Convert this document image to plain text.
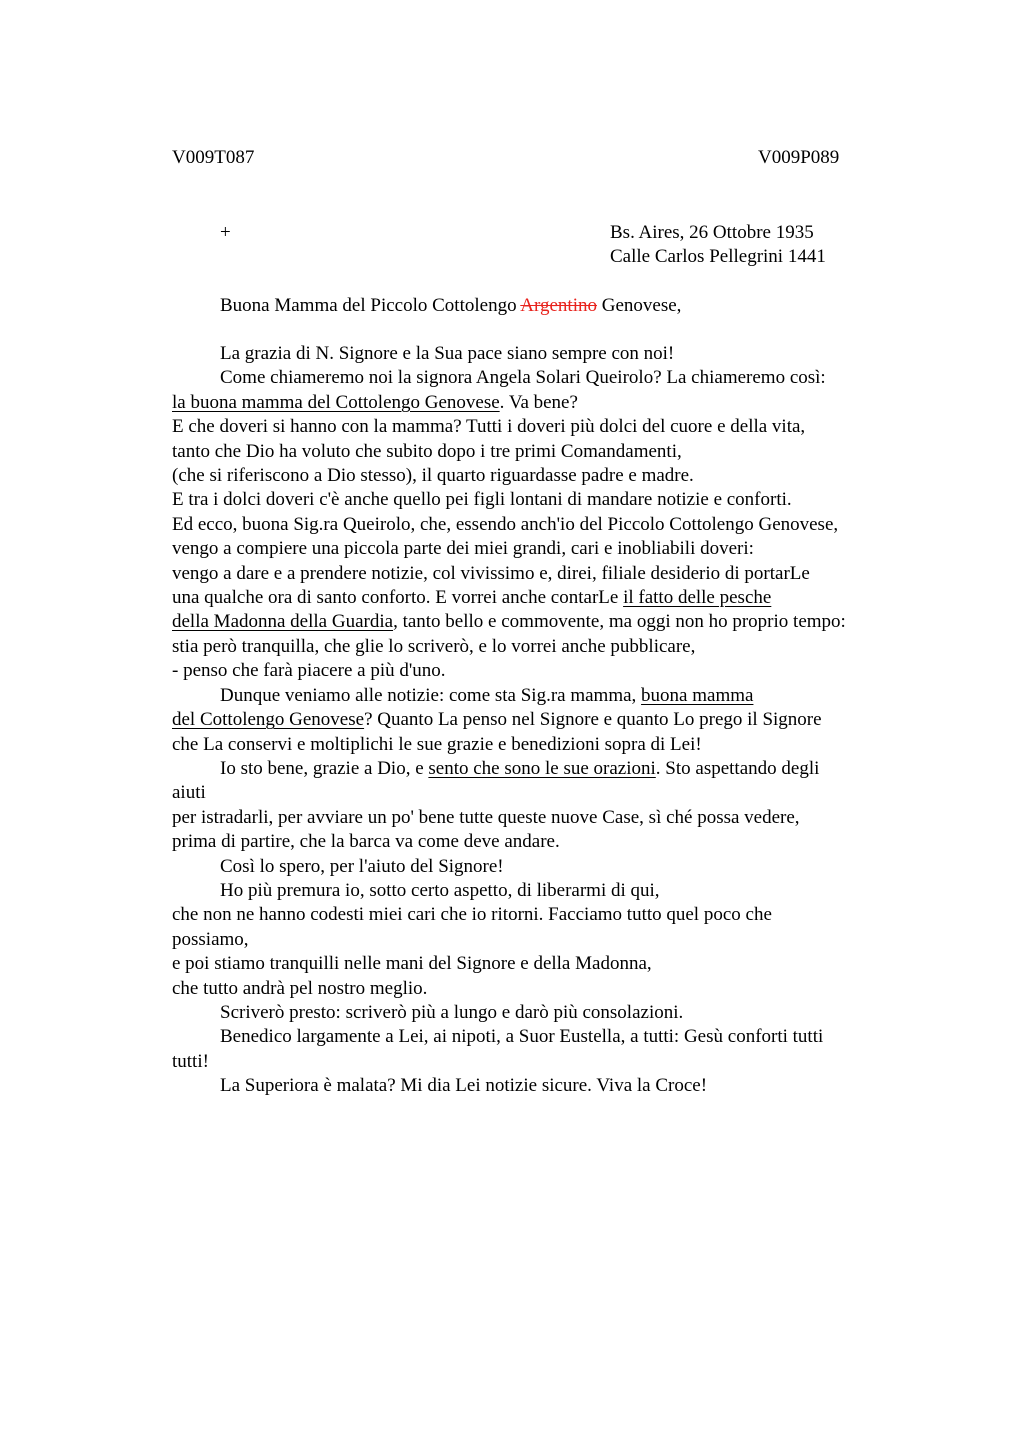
V009T087	V009P089
+	Bs. Aires, 26 Ottobre 1935
Calle Carlos Pellegrini 1441
Buona Mamma del Piccolo Cottolengo Argentino Genovese,
La grazia di N. Signore e la Sua pace siano sempre con noi!
Come chiameremo noi la signora Angela Solari Queirolo? La chiameremo così:
la buona mamma del Cottolengo Genovese. Va bene?
E che doveri si hanno con la mamma? Tutti i doveri più dolci del cuore e della vita,
tanto che Dio ha voluto che subito dopo i tre primi Comandamenti,
(che si riferiscono a Dio stesso), il quarto riguardasse padre e madre.
E tra i dolci doveri c'è anche quello pei figli lontani di mandare notizie e conforti.
Ed ecco, buona Sig.ra Queirolo, che, essendo anch'io del Piccolo Cottolengo Genovese,
vengo a compiere una piccola parte dei miei grandi, cari e inobliabili doveri:
vengo a dare e a prendere notizie, col vivissimo e, direi, filiale desiderio di portarLe
una qualche ora di santo conforto. E vorrei anche contarLe il fatto delle pesche
della Madonna della Guardia, tanto bello e commovente, ma oggi non ho proprio tempo:
stia però tranquilla, che glie lo scriverò, e lo vorrei anche pubblicare,
- penso che farà piacere a più d'uno.
Dunque veniamo alle notizie: come sta Sig.ra mamma, buona mamma
del Cottolengo Genovese? Quanto La penso nel Signore e quanto Lo prego il Signore
che La conservi e moltiplichi le sue grazie e benedizioni sopra di Lei!
Io sto bene, grazie a Dio, e sento che sono le sue orazioni. Sto aspettando degli
aiuti
per istradarli, per avviare un po' bene tutte queste nuove Case, sì ché possa vedere,
prima di partire, che la barca va come deve andare.
Così lo spero, per l'aiuto del Signore!
Ho più premura io, sotto certo aspetto, di liberarmi di qui,
che non ne hanno codesti miei cari che io ritorni. Facciamo tutto quel poco che
possiamo,
e poi stiamo tranquilli nelle mani del Signore e della Madonna,
che tutto andrà pel nostro meglio.
Scriverò presto: scriverò più a lungo e darò più consolazioni.
Benedico largamente a Lei, ai nipoti, a Suor Eustella, a tutti: Gesù conforti tutti
tutti!
La Superiora è malata? Mi dia Lei notizie sicure. Viva la Croce!
